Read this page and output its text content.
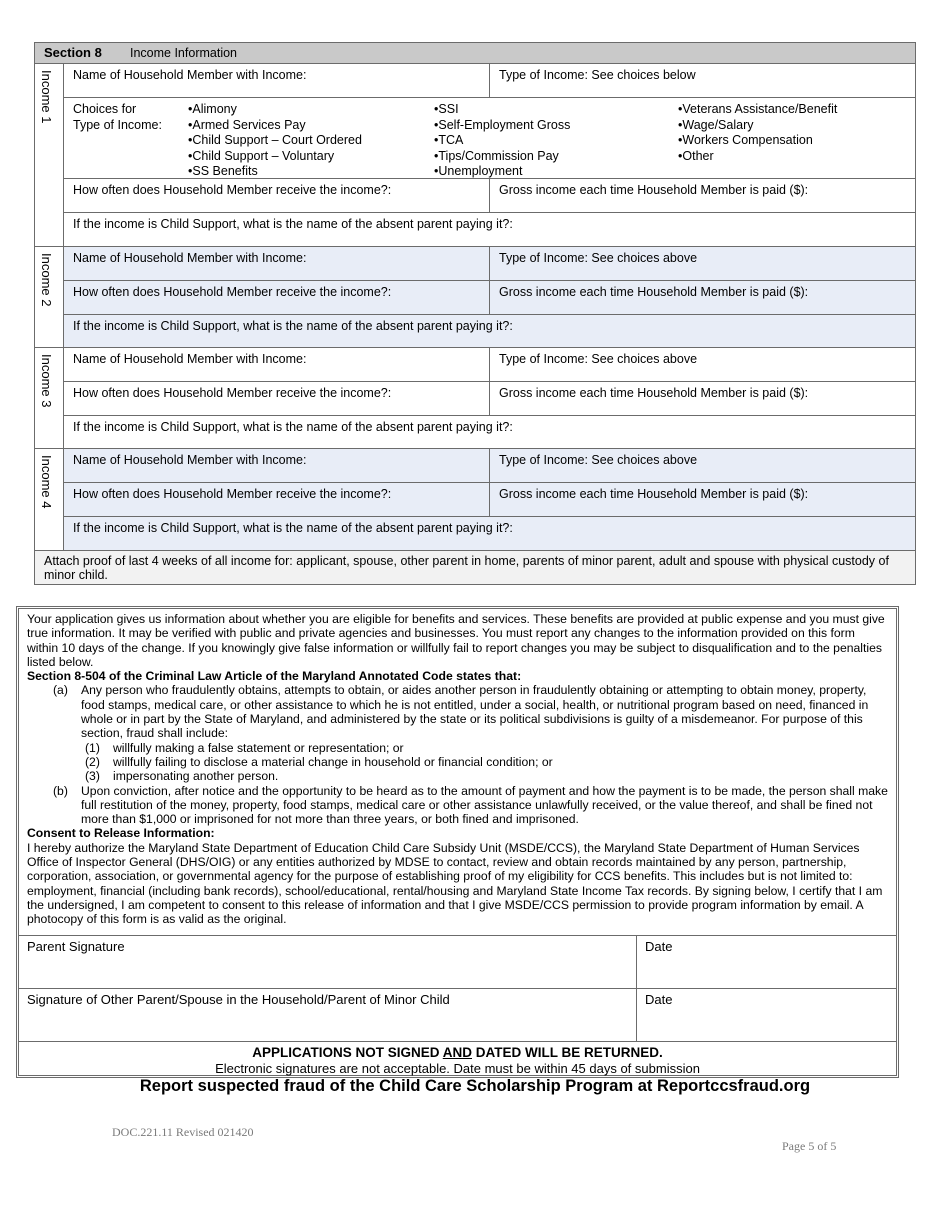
Section 8 Income Information
Income 1	Name of Household Member with Income:	Type of Income: See choices below
Choices for
Type of Income:
• Alimony
• Armed Services Pay
• Child Support – Court Ordered
• Child Support – Voluntary
• SS Benefits
• SSI
• Self-Employment Gross
• TCA
• Tips/Commission Pay
• Unemployment
• Veterans Assistance/Benefit
• Wage/Salary
• Workers Compensation
• Other
How often does Household Member receive the income?:	Gross income each time Household Member is paid ($):
If the income is Child Support, what is the name of the absent parent paying it?:
Income 2	Name of Household Member with Income:	Type of Income: See choices above
How often does Household Member receive the income?:	Gross income each time Household Member is paid ($):
If the income is Child Support, what is the name of the absent parent paying it?:
Income 3	Name of Household Member with Income:	Type of Income: See choices above
How often does Household Member receive the income?:	Gross income each time Household Member is paid ($):
If the income is Child Support, what is the name of the absent parent paying it?:
Income 4	Name of Household Member with Income:	Type of Income: See choices above
How often does Household Member receive the income?:	Gross income each time Household Member is paid ($):
If the income is Child Support, what is the name of the absent parent paying it?:
Attach proof of last 4 weeks of all income for: applicant, spouse, other parent in home, parents of minor parent, adult and spouse with physical custody of minor child.

Your application gives us information about whether you are eligible for benefits and services. These benefits are provided at public expense and you must give true information. It may be verified with public and private agencies and businesses. You must report any changes to the information provided on this form within 10 days of the change. If you knowingly give false information or willfully fail to report changes you may be subject to disqualification and to the penalties listed below.

Section 8-504 of the Criminal Law Article of the Maryland Annotated Code states that:

(a) Any person who fraudulently obtains, attempts to obtain, or aides another person in fraudulently obtaining or attempting to obtain money, property, food stamps, medical care, or other assistance to which he is not entitled, under a social, health, or nutritional program based on need, financed in whole or in part by the State of Maryland, and administered by the state or its political subdivisions is guilty of a misdemeanor. For purpose of this section, fraud shall include:
(1) willfully making a false statement or representation; or
(2) willfully failing to disclose a material change in household or financial condition; or
(3) impersonating another person.
(b) Upon conviction, after notice and the opportunity to be heard as to the amount of payment and how the payment is to be made, the person shall make full restitution of the money, property, food stamps, medical care or other assistance unlawfully received, or the value thereof, and shall be fined not more than $1,000 or imprisoned for not more than three years, or both fined and imprisoned.

Consent to Release Information:

I hereby authorize the Maryland State Department of Education Child Care Subsidy Unit (MSDE/CCS), the Maryland State Department of Human Services Office of Inspector General (DHS/OIG) or any entities authorized by MDSE to contact, review and obtain records maintained by any person, partnership, corporation, association, or governmental agency for the purpose of establishing proof of my eligibility for CCS benefits. This includes but is not limited to: employment, financial (including bank records), school/educational, rental/housing and Maryland State Income Tax records. By signing below, I certify that I am the undersigned, I am competent to consent to this release of information and that I give MSDE/CCS permission to provide program information by email. A photocopy of this form is as valid as the original.

Parent Signature	Date
Signature of Other Parent/Spouse in the Household/Parent of Minor Child	Date
APPLICATIONS NOT SIGNED AND DATED WILL BE RETURNED.
Electronic signatures are not acceptable. Date must be within 45 days of submission
Report suspected fraud of the Child Care Scholarship Program at Reportccsfraud.org
DOC.221.11 Revised 021420
Page 5 of 5
